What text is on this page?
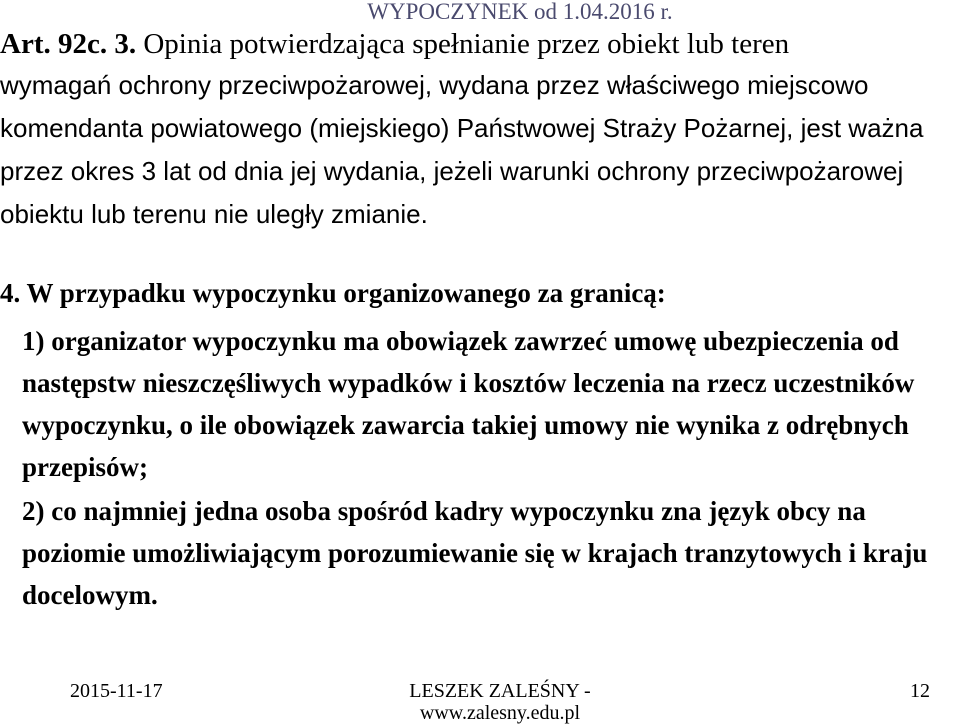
WYPOCZYNEK od 1.04.2016 r.
Art. 92c. 3. Opinia potwierdzająca spełnianie przez obiekt lub teren
wymagań ochrony przeciwpożarowej, wydana przez właściwego miejscowo komendanta powiatowego (miejskiego) Państwowej Straży Pożarnej, jest ważna przez okres 3 lat od dnia jej wydania, jeżeli warunki ochrony przeciwpożarowej obiektu lub terenu nie uległy zmianie.
4. W przypadku wypoczynku organizowanego za granicą:
1) organizator wypoczynku ma obowiązek zawrzeć umowę ubezpieczenia od następstw nieszczęśliwych wypadków i kosztów leczenia na rzecz uczestników wypoczynku, o ile obowiązek zawarcia takiej umowy nie wynika z odrębnych przepisów;
2) co najmniej jedna osoba spośród kadry wypoczynku zna język obcy na poziomie umożliwiającym porozumiewanie się w krajach tranzytowych i kraju docelowym.
2015-11-17	LESZEK ZALEŚNY -
www.zalesny.edu.pl
12
